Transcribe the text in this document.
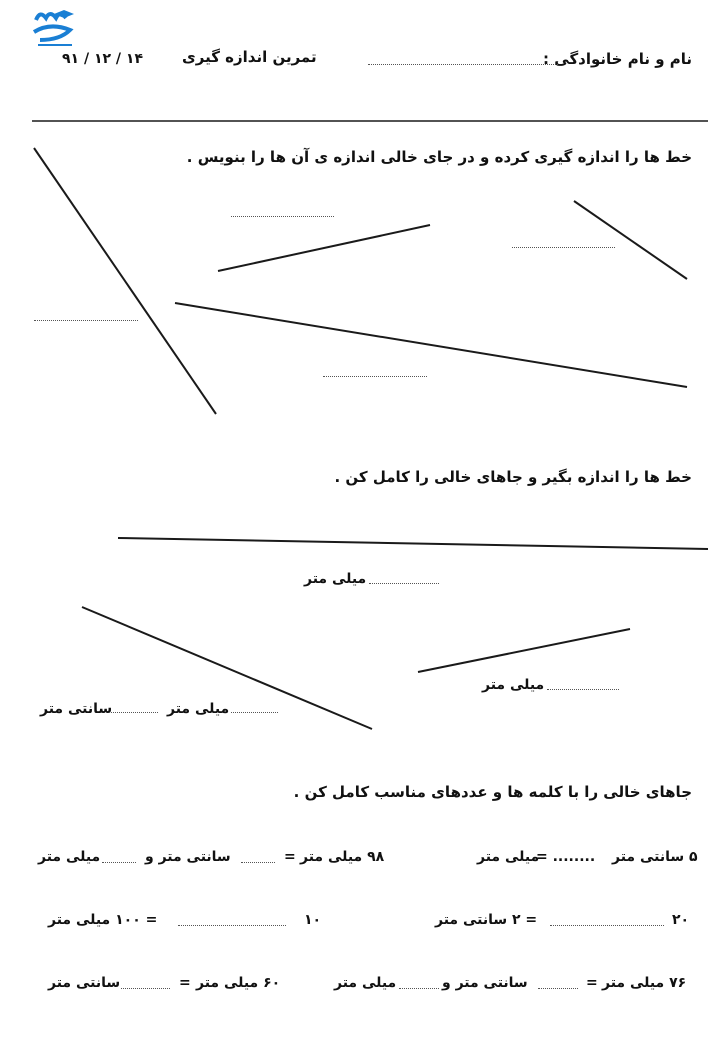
نام و نام خانوادگی :
تمرین اندازه گیری
۹۱ / ۱۲ / ۱۴
خط ها را اندازه گیری کرده و در جای خالی اندازه ی آن ها را بنویس .
خط ها را اندازه بگیر و جاهای خالی را کامل کن .
میلی متر
میلی متر
سانتی متر	میلی متر
جاهای خالی را با کلمه ها و عددهای مناسب کامل کن .
۵ سانتی متر
= ........
میلی متر
۹۸ میلی متر
=
سانتی متر و
میلی متر
۲۰
= ۲ سانتی متر
۱۰
= ۱۰۰ میلی متر
۷۶ میلی متر
=
سانتی متر و
میلی متر
۶۰ میلی متر
=
سانتی متر
